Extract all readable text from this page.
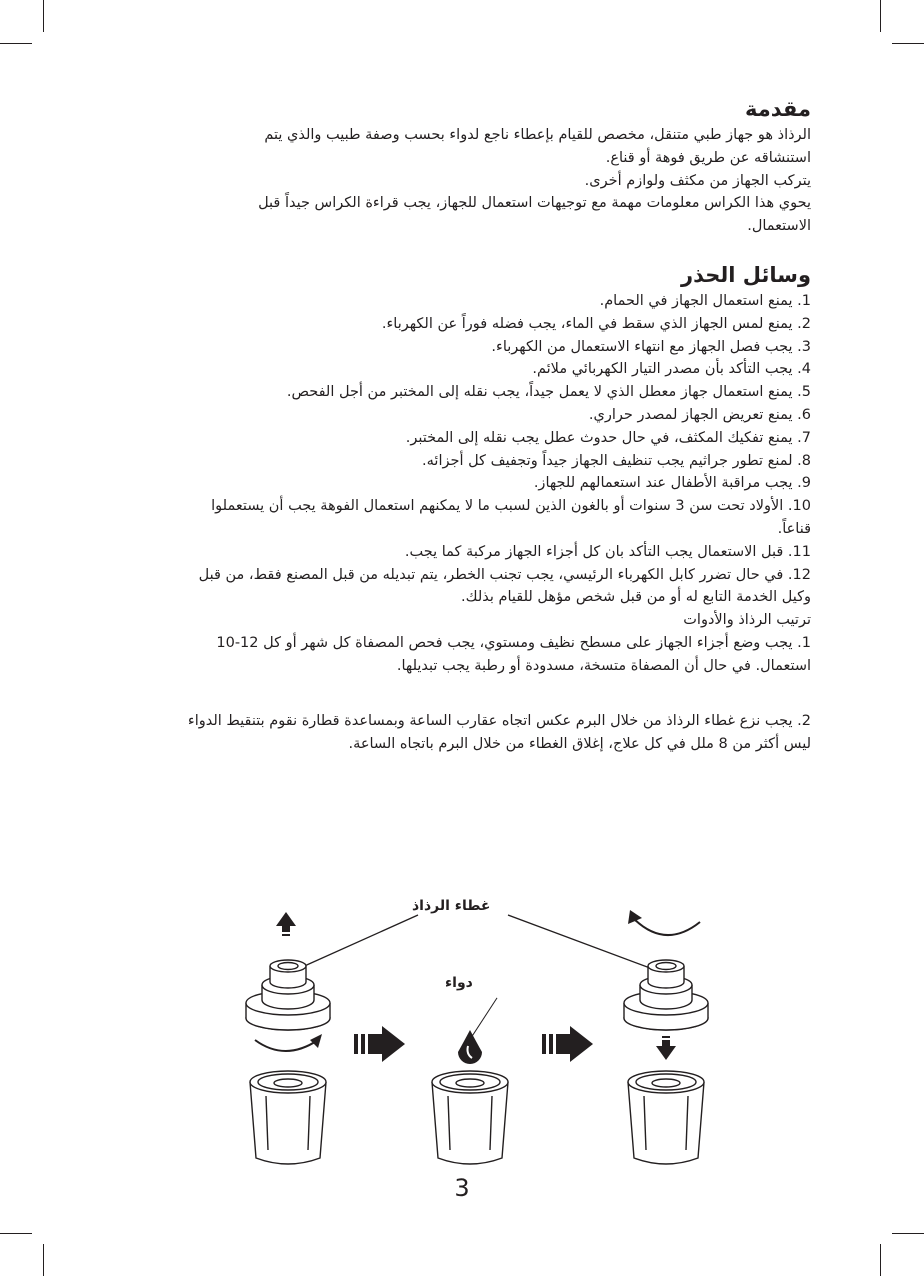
مقدمة

الرذاذ هو جهاز طبي متنقل، مخصص للقيام بإعطاء ناجع لدواء بحسب وصفة طبيب والذي يتم

استنشاقه عن طريق فوهة أو قناع.

يتركب الجهاز من مكثف ولوازم أخرى.

يحوي هذا الكراس معلومات مهمة مع توجيهات استعمال للجهاز، يجب قراءة الكراس جيداً قبل

الاستعمال.

وسائل الحذر

1. يمنع استعمال الجهاز في الحمام.

2. يمنع لمس الجهاز الذي سقط في الماء، يجب فضله فوراً عن الكهرباء.

3. يجب فصل الجهاز مع انتهاء الاستعمال من الكهرباء.

4. يجب التأكد بأن مصدر التيار الكهربائي ملائم.

5. يمنع استعمال جهاز معطل الذي لا يعمل جيداً، يجب نقله إلى المختبر من أجل الفحص.

6. يمنع تعريض الجهاز لمصدر حراري.

7. يمنع تفكيك المكثف، في حال حدوث عطل يجب نقله إلى المختبر.

8. لمنع تطور جراثيم يجب تنظيف الجهاز جيداً وتجفيف كل أجزائه.

9. يجب مراقبة الأطفال عند استعمالهم للجهاز.

10. الأولاد تحت سن 3 سنوات أو بالغون الذين لسبب ما لا يمكنهم استعمال الفوهة يجب أن يستعملوا

قناعاً.

11. قبل الاستعمال يجب التأكد بان كل أجزاء الجهاز مركبة كما يجب.

12. في حال تضرر كابل الكهرباء الرئيسي، يجب تجنب الخطر، يتم تبديله من قبل المصنع فقط، من قبل

وكيل الخدمة التابع له أو من قبل شخص مؤهل للقيام بذلك.

ترتيب الرذاذ والأدوات

1. يجب وضع أجزاء الجهاز على مسطح نظيف ومستوي، يجب فحص المصفاة كل شهر أو كل 12-10

استعمال. في حال أن المصفاة متسخة، مسدودة أو رطبة يجب تبديلها.

2. يجب نزع غطاء الرذاذ من خلال البرم عكس اتجاه عقارب الساعة وبمساعدة قطارة نقوم بتنقيط الدواء

ليس أكثر من 8 ملل في كل علاج، إغلاق الغطاء من خلال البرم باتجاه الساعة.

غطاء الرذاذ
دواء
3
